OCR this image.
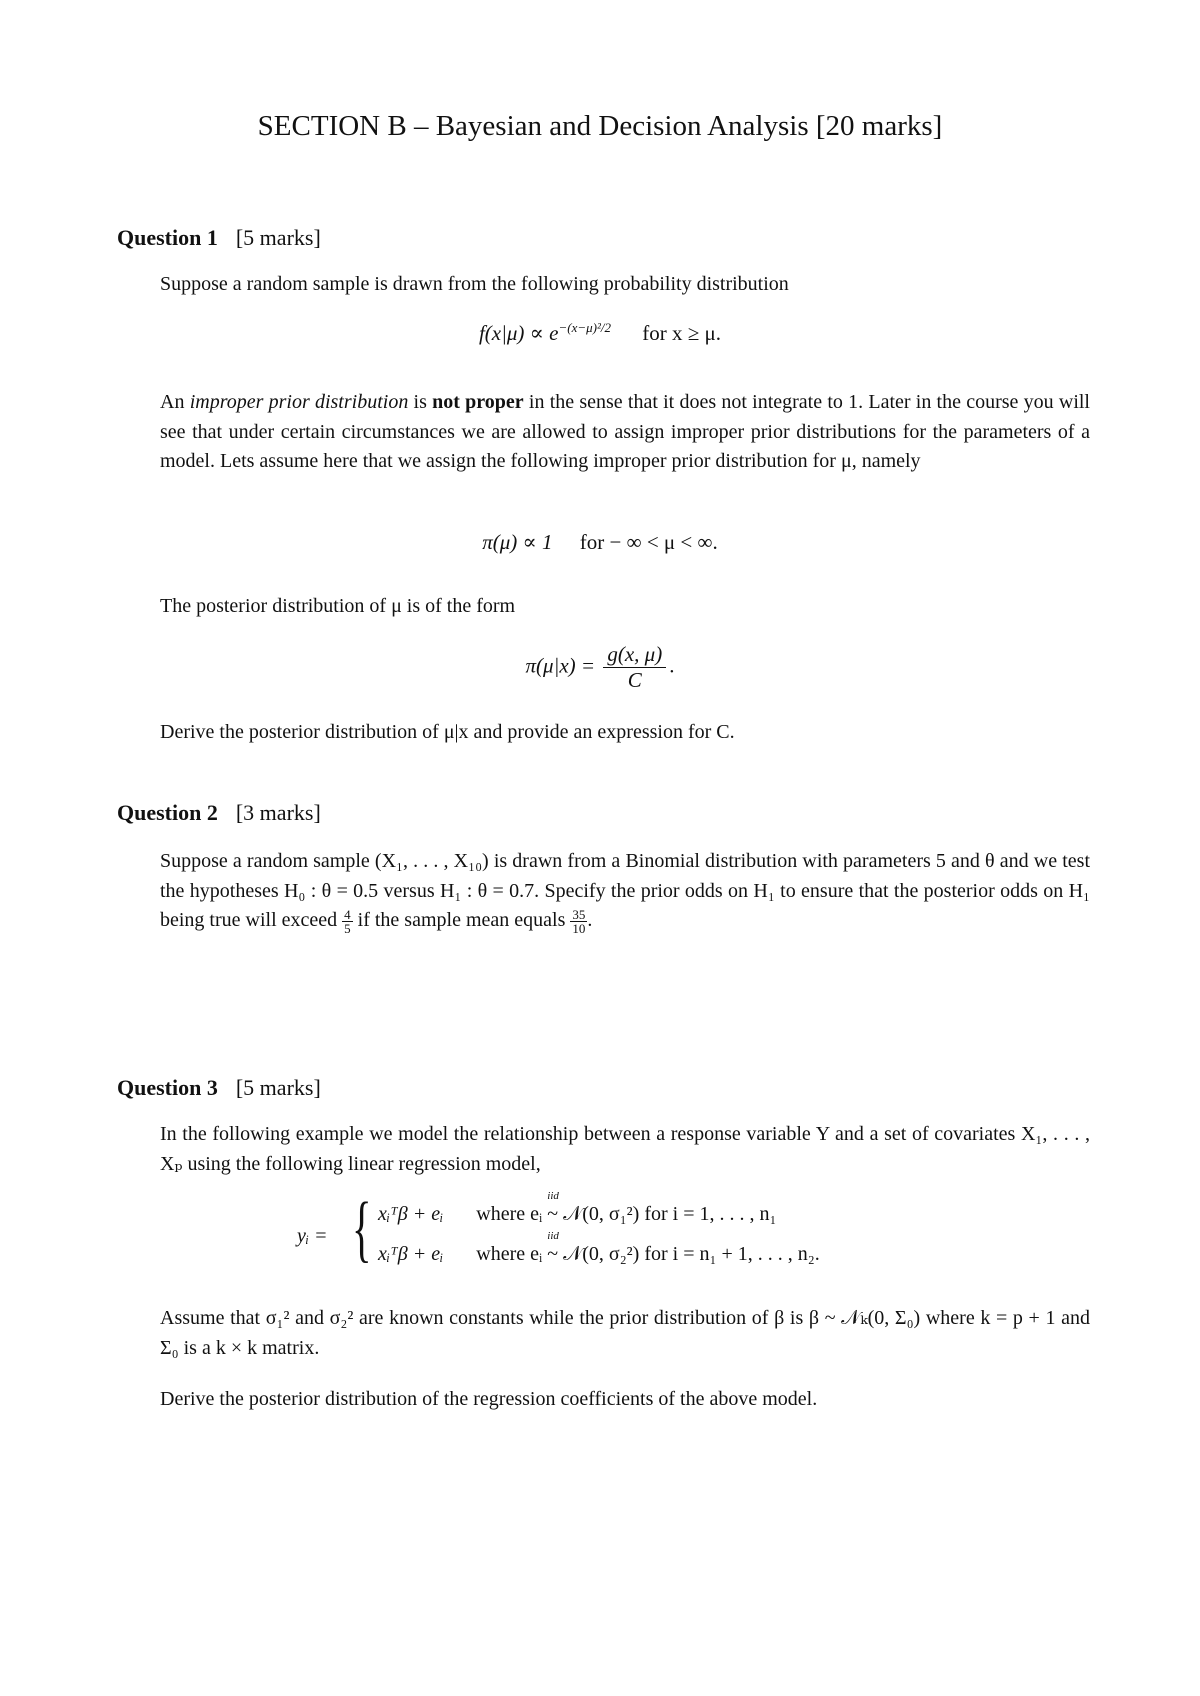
SECTION B – Bayesian and Decision Analysis [20 marks]
Question 1 [5 marks]
Suppose a random sample is drawn from the following probability distribution
$f(x|\mu) \propto e^{-(x-\mu)^2/2}$ for x ≥ μ.
An improper prior distribution is not proper in the sense that it does not integrate to 1. Later in the course you will see that under certain circumstances we are allowed to assign improper prior distributions for the parameters of a model. Lets assume here that we assign the following improper prior distribution for μ, namely
π(μ) ∝ 1 for − ∞ < μ < ∞.
The posterior distribution of μ is of the form
$\pi(\mu|x) = \frac{g(x, \mu)}{C}$ .
Derive the posterior distribution of μ|x and provide an expression for C.
Question 2 [3 marks]
Suppose a random sample (X₁, . . . , X₁₀) is drawn from a Binomial distribution with parameters 5 and θ and we test the hypotheses H₀ : θ = 0.5 versus H₁ : θ = 0.7. Specify the prior odds on H₁ to ensure that the posterior odds on H₁ being true will exceed $\frac{4}{5}$ if the sample mean equals $\frac{35}{10}$ .
Question 3 [5 marks]
In the following example we model the relationship between a response variable Y and a set of covariates X₁, . . . , Xₚ using the following linear regression model,
yᵢ = { xᵢᵀβ + eᵢ where eᵢ
iid
~ 𝒩(0, σ₁²) for i = 1, . . . , n₁
xᵢᵀβ + eᵢ where eᵢ
iid
~ 𝒩(0, σ₂²) for i = n₁ + 1, . . . , n₂.
Assume that σ₁² and σ₂² are known constants while the prior distribution of β is β ~ 𝒩ₖ(0, Σ₀) where k = p + 1 and Σ₀ is a k × k matrix.
Derive the posterior distribution of the regression coefficients of the above model.
